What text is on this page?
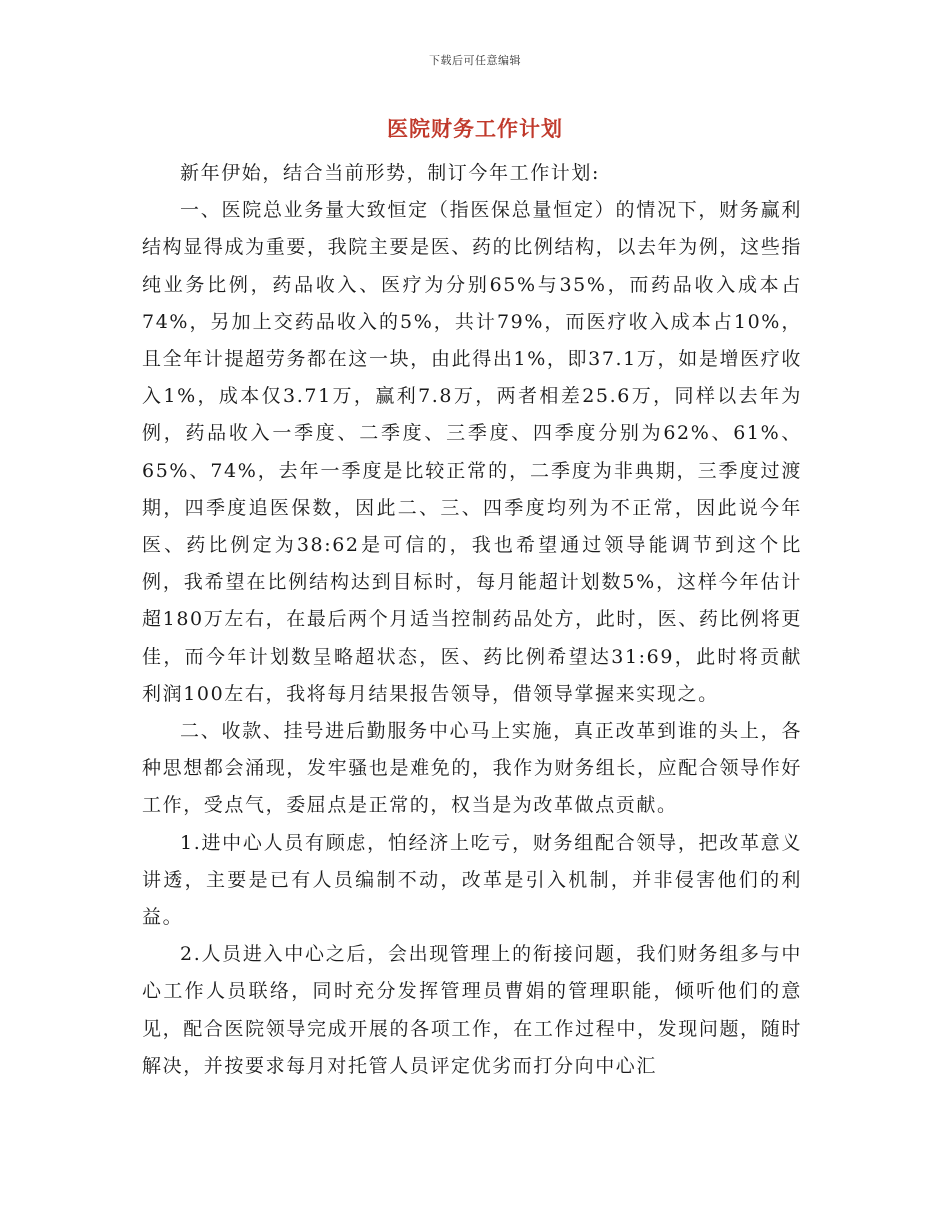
下载后可任意编辑
医院财务工作计划

新年伊始，结合当前形势，制订今年工作计划:

一、医院总业务量大致恒定（指医保总量恒定）的情况下，财务赢利结构显得成为重要，我院主要是医、药的比例结构，以去年为例，这些指纯业务比例，药品收入、医疗为分别65%与35%，而药品收入成本占74%，另加上交药品收入的5%，共计79%，而医疗收入成本占10%，且全年计提超劳务都在这一块，由此得出1%，即37.1万，如是增医疗收入1%，成本仅3.71万，赢利7.8万，两者相差25.6万，同样以去年为例，药品收入一季度、二季度、三季度、四季度分别为62%、61%、65%、74%，去年一季度是比较正常的，二季度为非典期，三季度过渡期，四季度追医保数，因此二、三、四季度均列为不正常，因此说今年医、药比例定为38:62是可信的，我也希望通过领导能调节到这个比例，我希望在比例结构达到目标时，每月能超计划数5%，这样今年估计超180万左右，在最后两个月适当控制药品处方，此时，医、药比例将更佳，而今年计划数呈略超状态，医、药比例希望达31:69，此时将贡献利润100左右，我将每月结果报告领导，借领导掌握来实现之。

二、收款、挂号进后勤服务中心马上实施，真正改革到谁的头上，各种思想都会涌现，发牢骚也是难免的，我作为财务组长，应配合领导作好工作，受点气，委屈点是正常的，权当是为改革做点贡献。

1.进中心人员有顾虑，怕经济上吃亏，财务组配合领导，把改革意义讲透，主要是已有人员编制不动，改革是引入机制，并非侵害他们的利益。

2.人员进入中心之后，会出现管理上的衔接问题，我们财务组多与中心工作人员联络，同时充分发挥管理员曹娟的管理职能，倾听他们的意见，配合医院领导完成开展的各项工作，在工作过程中，发现问题，随时解决，并按要求每月对托管人员评定优劣而打分向中心汇
